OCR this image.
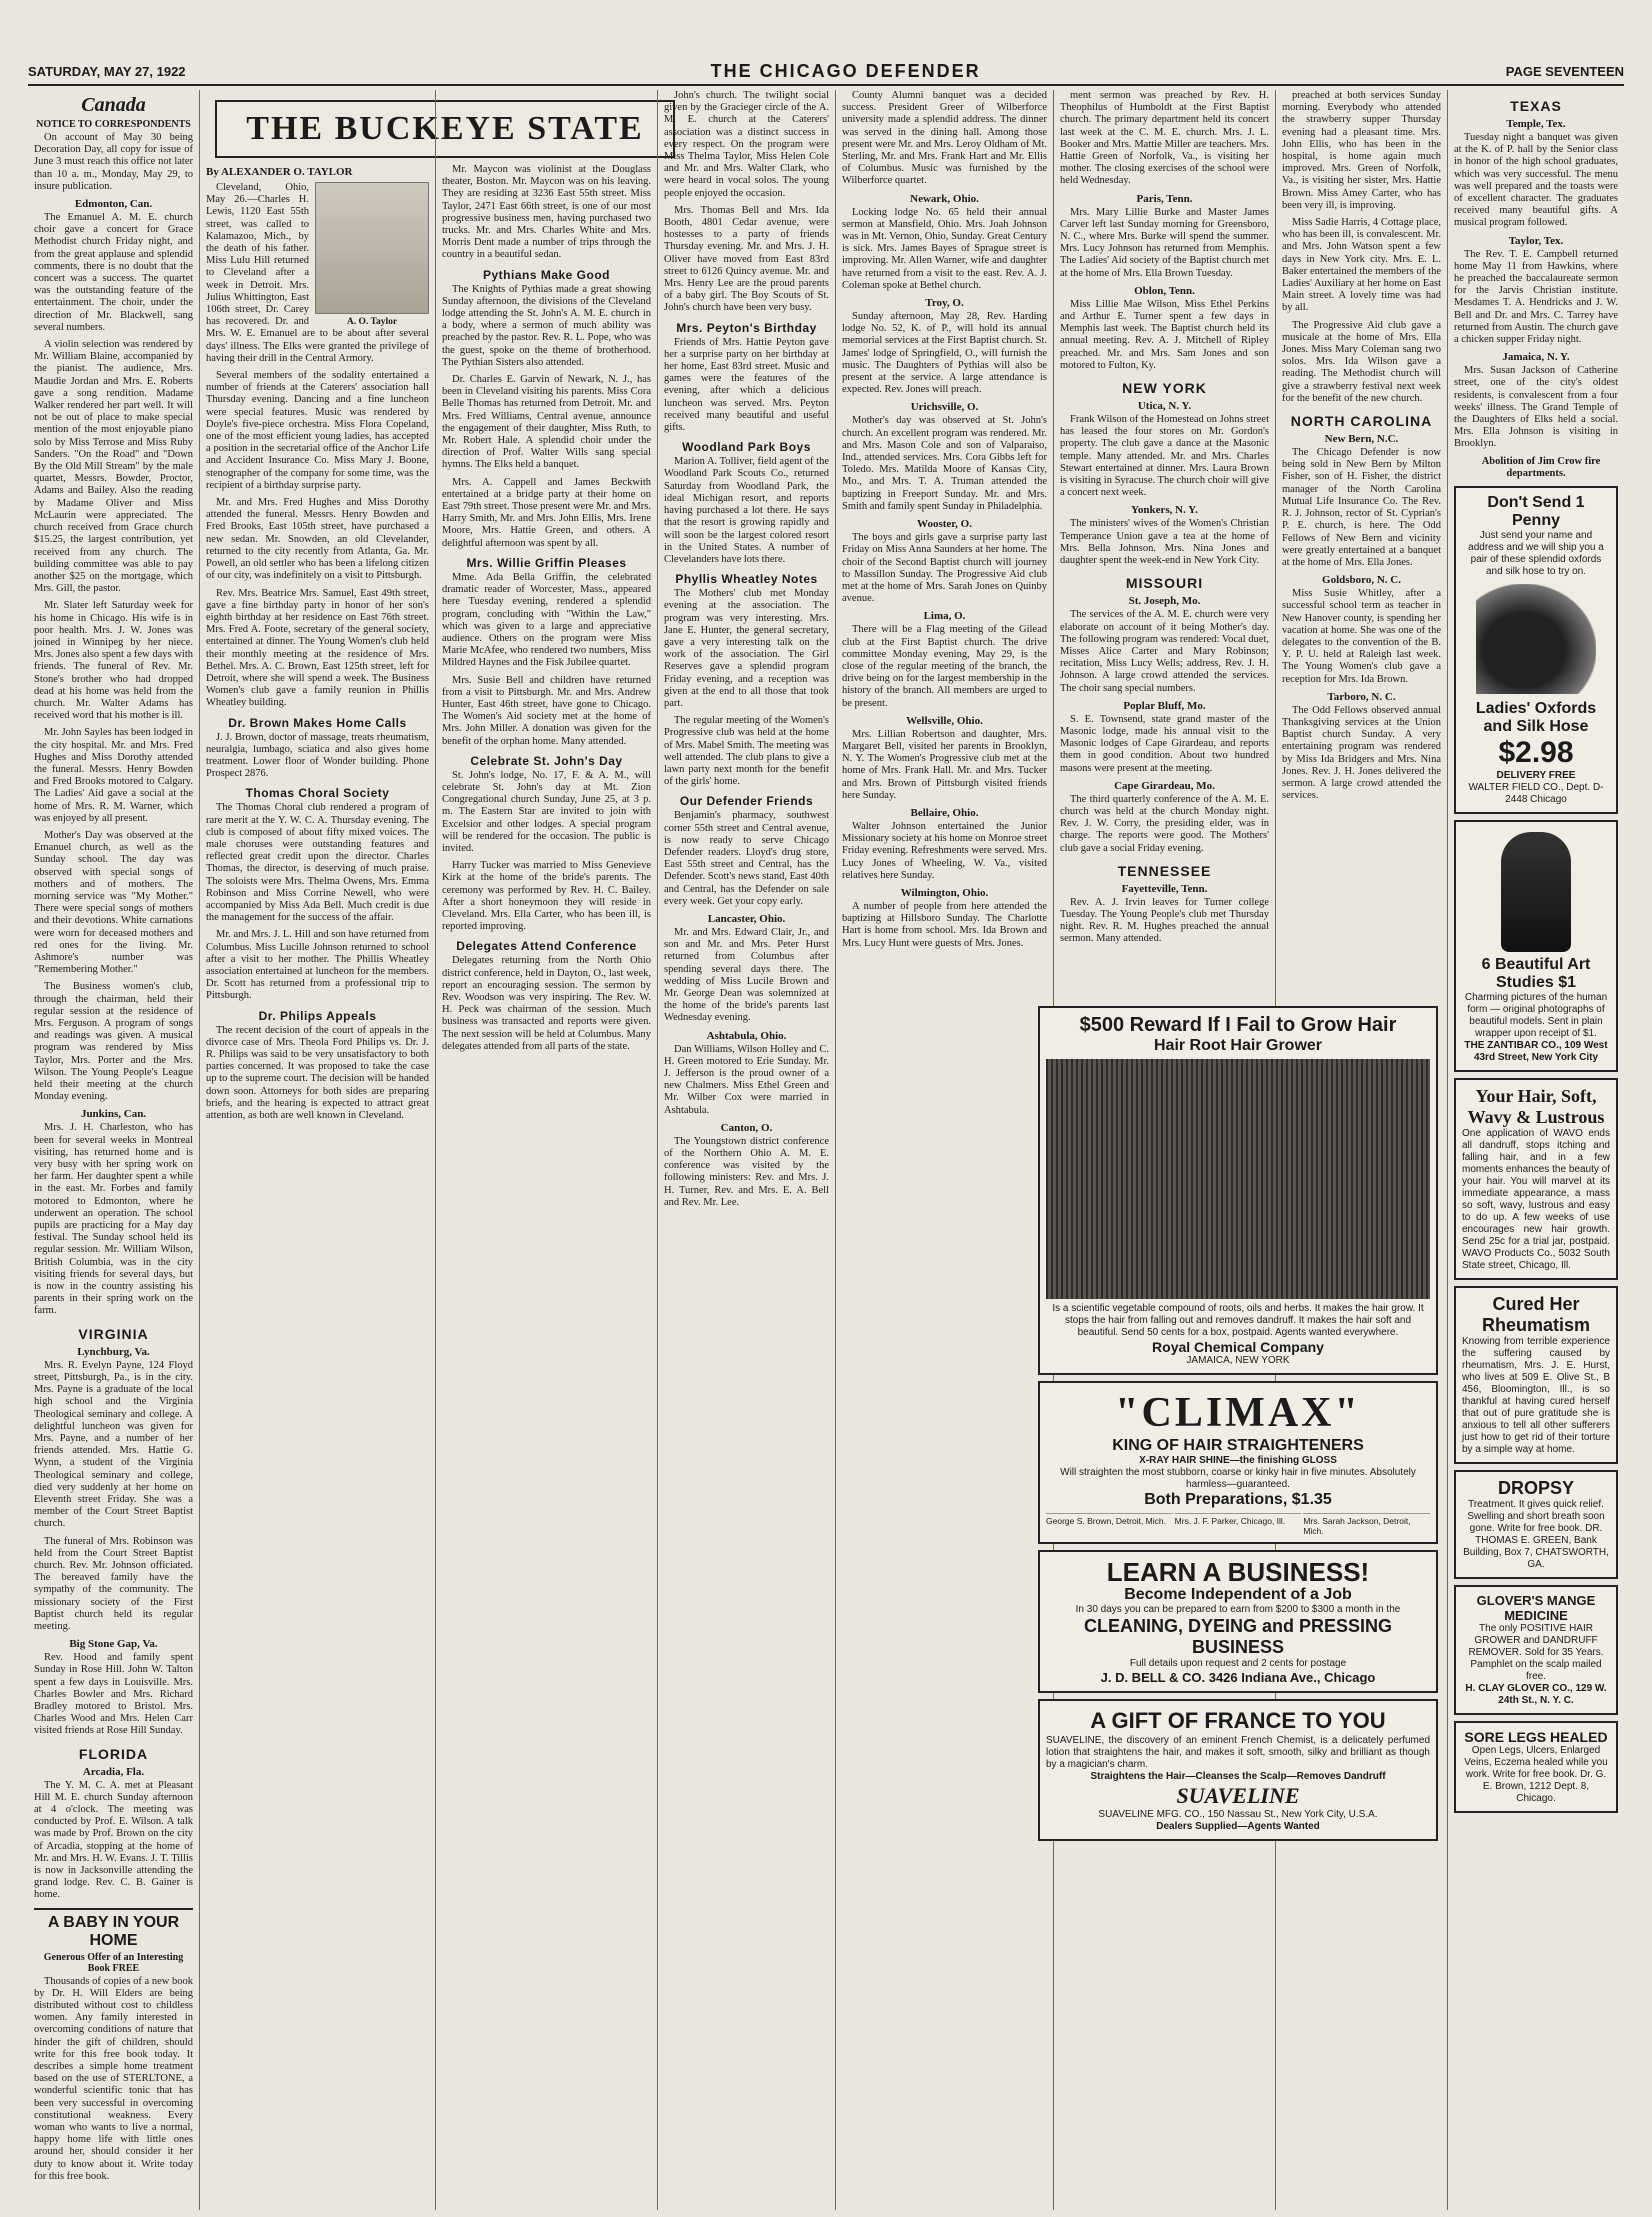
SATURDAY, MAY 27, 1922	THE CHICAGO DEFENDER	PAGE SEVENTEEN
Canada
NOTICE TO CORRESPONDENTS

On account of May 30 being Decoration Day, all copy for issue of June 3 must reach this office not later than 10 a. m., Monday, May 29, to insure publication.

Edmonton, Can.

The Emanuel A. M. E. church choir gave a concert for Grace Methodist church Friday night, and from the great applause and splendid comments, there is no doubt that the concert was a success. The quartet was the outstanding feature of the entertainment. The choir, under the direction of Mr. Blackwell, sang several numbers.

A violin selection was rendered by Mr. William Blaine, accompanied by the pianist. The audience, Mrs. Maudie Jordan and Mrs. E. Roberts gave a song rendition. Madame Walker rendered her part well. It will not be out of place to make special mention of the most enjoyable piano solo by Miss Terrose and Miss Ruby Sanders. "On the Road" and "Down By the Old Mill Stream" by the male quartet, Messrs. Bowder, Proctor, Adams and Bailey. Also the reading by Madame Oliver and Miss McLaurin were appreciated. The church received from Grace church $15.25, the largest contribution, yet received from any church. The building committee was able to pay another $25 on the mortgage, which Mrs. Gill, the pastor.

Mr. Slater left Saturday week for his home in Chicago. His wife is in poor health. Mrs. J. W. Jones was joined in Winnipeg by her niece. Mrs. Jones also spent a few days with friends. The funeral of Rev. Mr. Stone's brother who had dropped dead at his home was held from the church. Mr. Walter Adams has received word that his mother is ill.

Mr. John Sayles has been lodged in the city hospital. Mr. and Mrs. Fred Hughes and Miss Dorothy attended the funeral. Messrs. Henry Bowden and Fred Brooks motored to Calgary. The Ladies' Aid gave a social at the home of Mrs. R. M. Warner, which was enjoyed by all present.

Mother's Day was observed at the Emanuel church, as well as the Sunday school. The day was observed with special songs of mothers and of mothers. The morning service was "My Mother." There were special songs of mothers and their devotions. White carnations were worn for deceased mothers and red ones for the living. Mr. Ashmore's number was "Remembering Mother."

The Business women's club, through the chairman, held their regular session at the residence of Mrs. Ferguson. A program of songs and readings was given. A musical program was rendered by Miss Taylor, Mrs. Porter and the Mrs. Wilson. The Young People's League held their meeting at the church Monday evening.

Junkins, Can.

Mrs. J. H. Charleston, who has been for several weeks in Montreal visiting, has returned home and is very busy with her spring work on her farm. Her daughter spent a while in the east. Mr. Forbes and family motored to Edmonton, where he underwent an operation. The school pupils are practicing for a May day festival. The Sunday school held its regular session. Mr. William Wilson, British Columbia, was in the city visiting friends for several days, but is now in the country assisting his parents in their spring work on the farm.

VIRGINIA
Lynchburg, Va.

Mrs. R. Evelyn Payne, 124 Floyd street, Pittsburgh, Pa., is in the city. Mrs. Payne is a graduate of the local high school and the Virginia Theological seminary and college. A delightful luncheon was given for Mrs. Payne, and a number of her friends attended. Mrs. Hattie G. Wynn, a student of the Virginia Theological seminary and college, died very suddenly at her home on Eleventh street Friday. She was a member of the Court Street Baptist church.

The funeral of Mrs. Robinson was held from the Court Street Baptist church. Rev. Mr. Johnson officiated. The bereaved family have the sympathy of the community. The missionary society of the First Baptist church held its regular meeting.

Big Stone Gap, Va.

Rev. Hood and family spent Sunday in Rose Hill. John W. Talton spent a few days in Louisville. Mrs. Charles Bowler and Mrs. Richard Bradley motored to Bristol. Mrs. Charles Wood and Mrs. Helen Carr visited friends at Rose Hill Sunday.

FLORIDA
Arcadia, Fla.

The Y. M. C. A. met at Pleasant Hill M. E. church Sunday afternoon at 4 o'clock. The meeting was conducted by Prof. E. Wilson. A talk was made by Prof. Brown on the city of Arcadia, stopping at the home of Mr. and Mrs. H. W. Evans. J. T. Tillis is now in Jacksonville attending the grand lodge. Rev. C. B. Gainer is home.

A BABY IN YOUR HOME
Generous Offer of an Interesting Book FREE

Thousands of copies of a new book by Dr. H. Will Elders are being distributed without cost to childless women. Any family interested in overcoming conditions of nature that hinder the gift of children, should write for this free book today. It describes a simple home treatment based on the use of STERLTONE, a wonderful scientific tonic that has been very successful in overcoming constitutional weakness. Every woman who wants to live a normal, happy home life with little ones around her, should consider it her duty to know about it. Write today for this free book.

THE BUCKEYE STATE
By ALEXANDER O. TAYLOR
A. O. Taylor

Cleveland, Ohio, May 26.—Charles H. Lewis, 1120 East 55th street, was called to Kalamazoo, Mich., by the death of his father. Miss Lulu Hill returned to Cleveland after a week in Detroit. Mrs. Julius Whittington, East 106th street, Dr. Carey has recovered. Dr. and Mrs. W. E. Emanuel are to be about after several days' illness. The Elks were granted the privilege of having their drill in the Central Armory.

Several members of the sodality entertained a number of friends at the Caterers' association hall Thursday evening. Dancing and a fine luncheon were special features. Music was rendered by Doyle's five-piece orchestra. Miss Flora Copeland, one of the most efficient young ladies, has accepted a position in the secretarial office of the Anchor Life and Accident Insurance Co. Miss Mary J. Boone, stenographer of the company for some time, was the recipient of a birthday surprise party.

Mr. and Mrs. Fred Hughes and Miss Dorothy attended the funeral. Messrs. Henry Bowden and Fred Brooks, East 105th street, have purchased a new sedan. Mr. Snowden, an old Clevelander, returned to the city recently from Atlanta, Ga. Mr. Powell, an old settler who has been a lifelong citizen of our city, was indefinitely on a visit to Pittsburgh.

Rev. Mrs. Beatrice Mrs. Samuel, East 49th street, gave a fine birthday party in honor of her son's eighth birthday at her residence on East 76th street. Mrs. Fred A. Foote, secretary of the general society, entertained at dinner. The Young Women's club held their monthly meeting at the residence of Mrs. Bethel. Mrs. A. C. Brown, East 125th street, left for Detroit, where she will spend a week. The Business Women's club gave a family reunion in Phillis Wheatley building.

Dr. Brown Makes Home Calls

J. J. Brown, doctor of massage, treats rheumatism, neuralgia, lumbago, sciatica and also gives home treatment. Lower floor of Wonder building. Phone Prospect 2876.

Thomas Choral Society

The Thomas Choral club rendered a program of rare merit at the Y. W. C. A. Thursday evening. The club is composed of about fifty mixed voices. The male choruses were outstanding features and reflected great credit upon the director. Charles Thomas, the director, is deserving of much praise. The soloists were Mrs. Thelma Owens, Mrs. Emma Robinson and Miss Corrine Newell, who were accompanied by Miss Ada Bell. Much credit is due the management for the success of the affair.

Mr. and Mrs. J. L. Hill and son have returned from Columbus. Miss Lucille Johnson returned to school after a visit to her mother. The Phillis Wheatley association entertained at luncheon for the members. Dr. Scott has returned from a professional trip to Pittsburgh.

Dr. Philips Appeals

The recent decision of the court of appeals in the divorce case of Mrs. Theola Ford Philips vs. Dr. J. R. Philips was said to be very unsatisfactory to both parties concerned. It was proposed to take the case up to the supreme court. The decision will be handed down soon. Attorneys for both sides are preparing briefs, and the hearing is expected to attract great attention, as both are well known in Cleveland.

Mr. Maycon was violinist at the Douglass theater, Boston. Mr. Maycon was on his leaving. They are residing at 3236 East 55th street. Miss Taylor, 2471 East 66th street, is one of our most progressive business men, having purchased two trucks. Mr. and Mrs. Charles White and Mrs. Morris Dent made a number of trips through the country in a beautiful sedan.

Pythians Make Good

The Knights of Pythias made a great showing Sunday afternoon, the divisions of the Cleveland lodge attending the St. John's A. M. E. church in a body, where a sermon of much ability was preached by the pastor. Rev. R. L. Pope, who was the guest, spoke on the theme of brotherhood. The Pythian Sisters also attended.

Dr. Charles E. Garvin of Newark, N. J., has been in Cleveland visiting his parents. Miss Cora Belle Thomas has returned from Detroit. Mr. and Mrs. Fred Williams, Central avenue, announce the engagement of their daughter, Miss Ruth, to Mr. Robert Hale. A splendid choir under the direction of Prof. Walter Wills sang special hymns. The Elks held a banquet.

Mrs. A. Cappell and James Beckwith entertained at a bridge party at their home on East 79th street. Those present were Mr. and Mrs. Harry Smith, Mr. and Mrs. John Ellis, Mrs. Irene Moore, Mrs. Hattie Green, and others. A delightful afternoon was spent by all.

Mrs. Willie Griffin Pleases

Mme. Ada Bella Griffin, the celebrated dramatic reader of Worcester, Mass., appeared here Tuesday evening, rendered a splendid program, concluding with "Within the Law," which was given to a large and appreciative audience. Others on the program were Miss Marie McAfee, who rendered two numbers, Miss Mildred Haynes and the Fisk Jubilee quartet.

Mrs. Susie Bell and children have returned from a visit to Pittsburgh. Mr. and Mrs. Andrew Hunter, East 46th street, have gone to Chicago. The Women's Aid society met at the home of Mrs. John Miller. A donation was given for the benefit of the orphan home. Many attended.

Celebrate St. John's Day

St. John's lodge, No. 17, F. & A. M., will celebrate St. John's day at Mt. Zion Congregational church Sunday, June 25, at 3 p. m. The Eastern Star are invited to join with Excelsior and other lodges. A special program will be rendered for the occasion. The public is invited.

Harry Tucker was married to Miss Genevieve Kirk at the home of the bride's parents. The ceremony was performed by Rev. H. C. Bailey. After a short honeymoon they will reside in Cleveland. Mrs. Ella Carter, who has been ill, is reported improving.

Delegates Attend Conference

Delegates returning from the North Ohio district conference, held in Dayton, O., last week, report an encouraging session. The sermon by Rev. Woodson was very inspiring. The Rev. W. H. Peck was chairman of the session. Much business was transacted and reports were given. The next session will be held at Columbus. Many delegates attended from all parts of the state.

John's church. The twilight social given by the Gracieger circle of the A. M. E. church at the Caterers' association was a distinct success in every respect. On the program were Miss Thelma Taylor, Miss Helen Cole and Mr. and Mrs. Walter Clark, who were heard in vocal solos. The young people enjoyed the occasion.

Mrs. Thomas Bell and Mrs. Ida Booth, 4801 Cedar avenue, were hostesses to a party of friends Thursday evening. Mr. and Mrs. J. H. Oliver have moved from East 83rd street to 6126 Quincy avenue. Mr. and Mrs. Henry Lee are the proud parents of a baby girl. The Boy Scouts of St. John's church have been very busy.

Mrs. Peyton's Birthday

Friends of Mrs. Hattie Peyton gave her a surprise party on her birthday at her home, East 83rd street. Music and games were the features of the evening, after which a delicious luncheon was served. Mrs. Peyton received many beautiful and useful gifts.

Woodland Park Boys

Marion A. Tolliver, field agent of the Woodland Park Scouts Co., returned Saturday from Woodland Park, the ideal Michigan resort, and reports having purchased a lot there. He says that the resort is growing rapidly and will soon be the largest colored resort in the United States. A number of Clevelanders have lots there.

Phyllis Wheatley Notes

The Mothers' club met Monday evening at the association. The program was very interesting. Mrs. Jane E. Hunter, the general secretary, gave a very interesting talk on the work of the association. The Girl Reserves gave a splendid program Friday evening, and a reception was given at the end to all those that took part.

The regular meeting of the Women's Progressive club was held at the home of Mrs. Mabel Smith. The meeting was well attended. The club plans to give a lawn party next month for the benefit of the girls' home.

Our Defender Friends

Benjamin's pharmacy, southwest corner 55th street and Central avenue, is now ready to serve Chicago Defender readers. Lloyd's drug store, East 55th street and Central, has the Defender. Scott's news stand, East 40th and Central, has the Defender on sale every week. Get your copy early.

Lancaster, Ohio.

Mr. and Mrs. Edward Clair, Jr., and son and Mr. and Mrs. Peter Hurst returned from Columbus after spending several days there. The wedding of Miss Lucile Brown and Mr. George Dean was solemnized at the home of the bride's parents last Wednesday evening.

Ashtabula, Ohio.

Dan Williams, Wilson Holley and C. H. Green motored to Erie Sunday. Mr. J. Jefferson is the proud owner of a new Chalmers. Miss Ethel Green and Mr. Wilber Cox were married in Ashtabula.

Canton, O.

The Youngstown district conference of the Northern Ohio A. M. E. conference was visited by the following ministers: Rev. and Mrs. J. H. Turner, Rev. and Mrs. E. A. Bell and Rev. Mr. Lee.

County Alumni banquet was a decided success. President Greer of Wilberforce university made a splendid address. The dinner was served in the dining hall. Among those present were Mr. and Mrs. Leroy Oldham of Mt. Sterling, Mr. and Mrs. Frank Hart and Mr. Ellis of Columbus. Music was furnished by the Wilberforce quartet.

Newark, Ohio.

Locking lodge No. 65 held their annual sermon at Mansfield, Ohio. Mrs. Joah Johnson was in Mt. Vernon, Ohio, Sunday. Great Century is sick. Mrs. James Bayes of Sprague street is improving. Mr. Allen Warner, wife and daughter have returned from a visit to the east. Rev. A. J. Coleman spoke at Bethel church.

Troy, O.

Sunday afternoon, May 28, Rev. Harding lodge No. 52, K. of P., will hold its annual memorial services at the First Baptist church. St. James' lodge of Springfield, O., will furnish the music. The Daughters of Pythias will also be present at the service. A large attendance is expected. Rev. Jones will preach.

Urichsville, O.

Mother's day was observed at St. John's church. An excellent program was rendered. Mr. and Mrs. Mason Cole and son of Valparaiso, Ind., attended services. Mrs. Cora Gibbs left for Toledo. Mrs. Matilda Moore of Kansas City, Mo., and Mrs. T. A. Truman attended the baptizing in Freeport Sunday. Mr. and Mrs. Smith and family spent Sunday in Philadelphia.

Wooster, O.

The boys and girls gave a surprise party last Friday on Miss Anna Saunders at her home. The choir of the Second Baptist church will journey to Massillon Sunday. The Progressive Aid club met at the home of Mrs. Sarah Jones on Quinby avenue.

Lima, O.

There will be a Flag meeting of the Gilead club at the First Baptist church. The drive committee Monday evening, May 29, is the close of the regular meeting of the branch, the drive being on for the largest membership in the history of the branch. All members are urged to be present.

Wellsville, Ohio.

Mrs. Lillian Robertson and daughter, Mrs. Margaret Bell, visited her parents in Brooklyn, N. Y. The Women's Progressive club met at the home of Mrs. Frank Hall. Mr. and Mrs. Tucker and Mrs. Brown of Pittsburgh visited friends here Sunday.

Bellaire, Ohio.

Walter Johnson entertained the Junior Missionary society at his home on Monroe street Friday evening. Refreshments were served. Mrs. Lucy Jones of Wheeling, W. Va., visited relatives here Sunday.

Wilmington, Ohio.

A number of people from here attended the baptizing at Hillsboro Sunday. The Charlotte Hart is home from school. Mrs. Ida Brown and Mrs. Lucy Hunt were guests of Mrs. Jones.

ment sermon was preached by Rev. H. Theophilus of Humboldt at the First Baptist church. The primary department held its concert last week at the C. M. E. church. Mrs. J. L. Booker and Mrs. Mattie Miller are teachers. Mrs. Hattie Green of Norfolk, Va., is visiting her mother. The closing exercises of the school were held Wednesday.

Paris, Tenn.

Mrs. Mary Lillie Burke and Master James Carver left last Sunday morning for Greensboro, N. C., where Mrs. Burke will spend the summer. Mrs. Lucy Johnson has returned from Memphis. The Ladies' Aid society of the Baptist church met at the home of Mrs. Ella Brown Tuesday.

Oblon, Tenn.

Miss Lillie Mae Wilson, Miss Ethel Perkins and Arthur E. Turner spent a few days in Memphis last week. The Baptist church held its annual meeting. Rev. A. J. Mitchell of Ripley preached. Mr. and Mrs. Sam Jones and son motored to Fulton, Ky.

NEW YORK
Utica, N. Y.

Frank Wilson of the Homestead on Johns street has leased the four stores on Mr. Gordon's property. The club gave a dance at the Masonic temple. Many attended. Mr. and Mrs. Charles Stewart entertained at dinner. Mrs. Laura Brown is visiting in Syracuse. The church choir will give a concert next week.

Yonkers, N. Y.

The ministers' wives of the Women's Christian Temperance Union gave a tea at the home of Mrs. Bella Johnson. Mrs. Nina Jones and daughter spent the week-end in New York City.

MISSOURI
St. Joseph, Mo.

The services of the A. M. E. church were very elaborate on account of it being Mother's day. The following program was rendered: Vocal duet, Misses Alice Carter and Mary Robinson; recitation, Miss Lucy Wells; address, Rev. J. H. Johnson. A large crowd attended the services. The choir sang special numbers.

Poplar Bluff, Mo.

S. E. Townsend, state grand master of the Masonic lodge, made his annual visit to the Masonic lodges of Cape Girardeau, and reports them in good condition. About two hundred masons were present at the meeting.

Cape Girardeau, Mo.

The third quarterly conference of the A. M. E. church was held at the church Monday night. Rev. J. W. Corry, the presiding elder, was in charge. The reports were good. The Mothers' club gave a social Friday evening.

TENNESSEE
Fayetteville, Tenn.

Rev. A. J. Irvin leaves for Turner college Tuesday. The Young People's club met Thursday night. Rev. R. M. Hughes preached the annual sermon. Many attended.

preached at both services Sunday morning. Everybody who attended the strawberry supper Thursday evening had a pleasant time. Mrs. John Ellis, who has been in the hospital, is home again much improved. Mrs. Green of Norfolk, Va., is visiting her sister, Mrs. Hattie Brown. Miss Amey Carter, who has been very ill, is improving.

Miss Sadie Harris, 4 Cottage place, who has been ill, is convalescent. Mr. and Mrs. John Watson spent a few days in New York city. Mrs. E. L. Baker entertained the members of the Ladies' Auxiliary at her home on East Main street. A lovely time was had by all.

The Progressive Aid club gave a musicale at the home of Mrs. Ella Jones. Miss Mary Coleman sang two solos. Mrs. Ida Wilson gave a reading. The Methodist church will give a strawberry festival next week for the benefit of the new church.

NORTH CAROLINA
New Bern, N.C.

The Chicago Defender is now being sold in New Bern by Milton Fisher, son of H. Fisher, the district manager of the North Carolina Mutual Life Insurance Co. The Rev. R. J. Johnson, rector of St. Cyprian's P. E. church, is here. The Odd Fellows of New Bern and vicinity were greatly entertained at a banquet at the home of Mrs. Ella Jones.

Goldsboro, N. C.

Miss Susie Whitley, after a successful school term as teacher in New Hanover county, is spending her vacation at home. She was one of the delegates to the convention of the B. Y. P. U. held at Raleigh last week. The Young Women's club gave a reception for Mrs. Ida Brown.

Tarboro, N. C.

The Odd Fellows observed annual Thanksgiving services at the Union Baptist church Sunday. A very entertaining program was rendered by Miss Ida Bridgers and Mrs. Nina Jones. Rev. J. H. Jones delivered the sermon. A large crowd attended the services.

TEXAS
Temple, Tex.

Tuesday night a banquet was given at the K. of P. hall by the Senior class in honor of the high school graduates, which was very successful. The menu was well prepared and the toasts were of excellent character. The graduates received many beautiful gifts. A musical program followed.

Taylor, Tex.

The Rev. T. E. Campbell returned home May 11 from Hawkins, where he preached the baccalaureate sermon for the Jarvis Christian institute. Mesdames T. A. Hendricks and J. W. Bell and Dr. and Mrs. C. Tarrey have returned from Austin. The church gave a chicken supper Friday night.

Jamaica, N. Y.

Mrs. Susan Jackson of Catherine street, one of the city's oldest residents, is convalescent from a four weeks' illness. The Grand Temple of the Daughters of Elks held a social. Mrs. Ella Johnson is visiting in Brooklyn.

Abolition of Jim Crow fire departments.

Don't Send 1 Penny
Just send your name and address and we will ship you a pair of these splendid oxfords and silk hose to try on.
Ladies' Oxfords and Silk Hose
$2.98
DELIVERY FREE
WALTER FIELD CO., Dept. D-2448 Chicago
6 Beautiful Art Studies $1
Charming pictures of the human form — original photographs of beautiful models. Sent in plain wrapper upon receipt of $1.
THE ZANTIBAR CO., 109 West 43rd Street, New York City
Your Hair, Soft, Wavy & Lustrous
One application of WAVO ends all dandruff, stops itching and falling hair, and in a few moments enhances the beauty of your hair. You will marvel at its immediate appearance, a mass so soft, wavy, lustrous and easy to do up. A few weeks of use encourages new hair growth. Send 25c for a trial jar, postpaid. WAVO Products Co., 5032 South State street, Chicago, Ill.
Cured Her Rheumatism
Knowing from terrible experience the suffering caused by rheumatism, Mrs. J. E. Hurst, who lives at 509 E. Olive St., B 456, Bloomington, Ill., is so thankful at having cured herself that out of pure gratitude she is anxious to tell all other sufferers just how to get rid of their torture by a simple way at home.
DROPSY
Treatment. It gives quick relief. Swelling and short breath soon gone. Write for free book. DR. THOMAS E. GREEN, Bank Building, Box 7, CHATSWORTH, GA.
GLOVER'S MANGE MEDICINE
The only POSITIVE HAIR GROWER and DANDRUFF REMOVER. Sold for 35 Years. Pamphlet on the scalp mailed free.
H. CLAY GLOVER CO., 129 W. 24th St., N. Y. C.
SORE LEGS HEALED
Open Legs, Ulcers, Enlarged Veins, Eczema healed while you work. Write for free book. Dr. G. E. Brown, 1212 Dept. 8, Chicago.
$500 Reward If I Fail to Grow Hair
Hair Root Hair Grower
Is a scientific vegetable compound of roots, oils and herbs. It makes the hair grow. It stops the hair from falling out and removes dandruff. It makes the hair soft and beautiful. Send 50 cents for a box, postpaid. Agents wanted everywhere.
Royal Chemical Company
JAMAICA, NEW YORK
"CLIMAX"
KING OF HAIR STRAIGHTENERS
X-RAY HAIR SHINE—the finishing GLOSS
Will straighten the most stubborn, coarse or kinky hair in five minutes. Absolutely harmless—guaranteed.
Both Preparations, $1.35
George S. Brown, Detroit, Mich.	Mrs. J. F. Parker, Chicago, Ill.	Mrs. Sarah Jackson, Detroit, Mich.
LEARN A BUSINESS!
Become Independent of a Job
In 30 days you can be prepared to earn from $200 to $300 a month in the
CLEANING, DYEING and PRESSING BUSINESS
Full details upon request and 2 cents for postage
J. D. BELL & CO. 3426 Indiana Ave., Chicago
A GIFT OF FRANCE TO YOU
SUAVELINE, the discovery of an eminent French Chemist, is a delicately perfumed lotion that straightens the hair, and makes it soft, smooth, silky and brilliant as though by a magician's charm.
Straightens the Hair—Cleanses the Scalp—Removes Dandruff
SUAVELINE
SUAVELINE MFG. CO., 150 Nassau St., New York City, U.S.A.
Dealers Supplied—Agents Wanted
